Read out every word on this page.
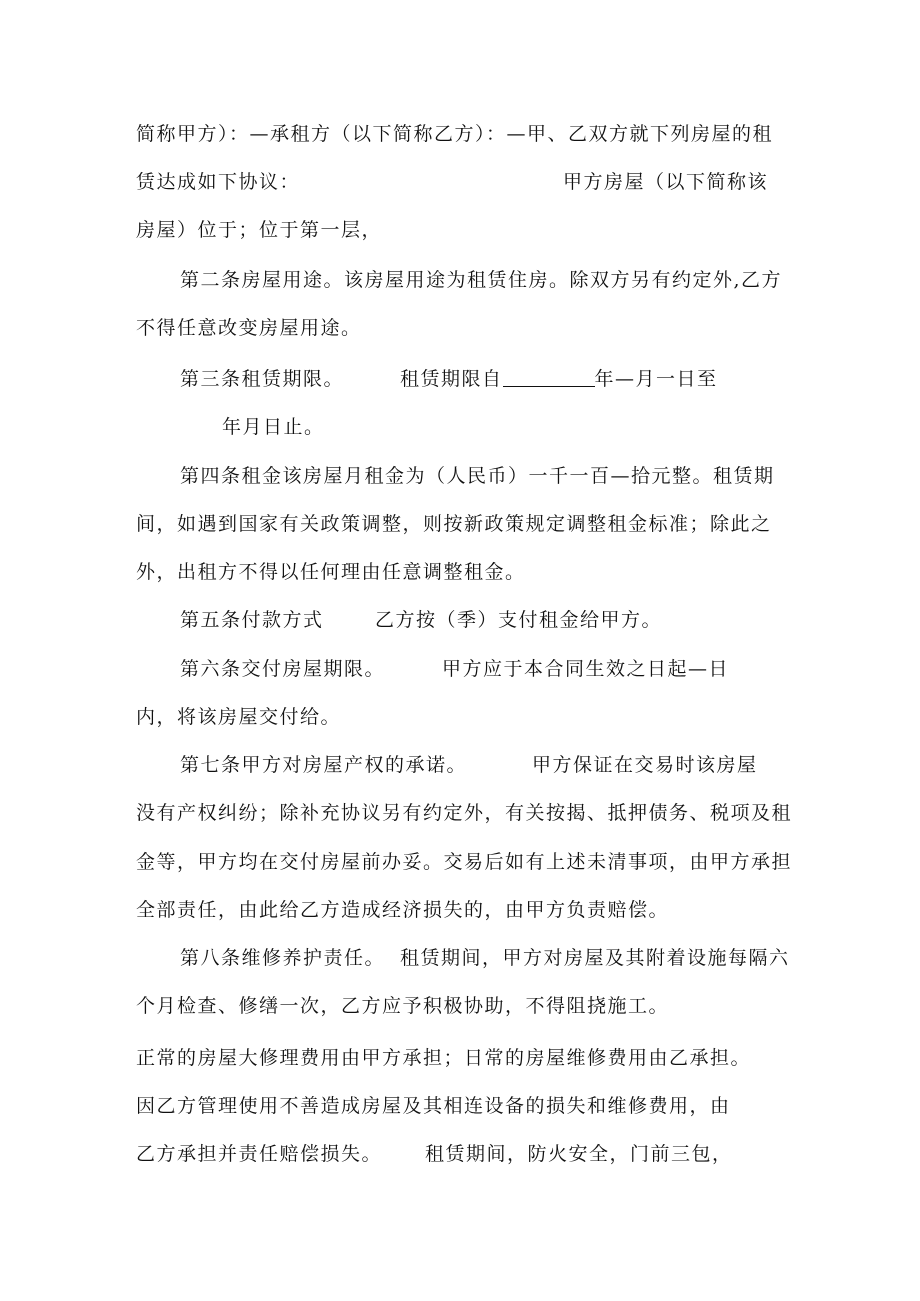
简称甲方）：—承租方（以下简称乙方）：—甲、乙双方就下列房屋的租
赁达成如下协议：	甲方房屋（以下简称该
房屋）位于；位于第一层，
第二条房屋用途。该房屋用途为租赁住房。除双方另有约定外,乙方
不得任意改变房屋用途。
第三条租赁期限。	租赁期限自	年—月一日至
年月日止。
第四条租金该房屋月租金为（人民币）一千一百—拾元整。租赁期
间，如遇到国家有关政策调整，则按新政策规定调整租金标准；除此之
外，出租方不得以任何理由任意调整租金。
第五条付款方式	乙方按（季）支付租金给甲方。
第六条交付房屋期限。	甲方应于本合同生效之日起—日
内，将该房屋交付给。
第七条甲方对房屋产权的承诺。	甲方保证在交易时该房屋
没有产权纠纷；除补充协议另有约定外，有关按揭、抵押债务、税项及租
金等，甲方均在交付房屋前办妥。交易后如有上述未清事项，由甲方承担
全部责任，由此给乙方造成经济损失的，由甲方负责赔偿。
第八条维修养护责任。 租赁期间，甲方对房屋及其附着设施每隔六
个月检查、修缮一次，乙方应予积极协助，不得阻挠施工。
正常的房屋大修理费用由甲方承担；日常的房屋维修费用由乙承担。
因乙方管理使用不善造成房屋及其相连设备的损失和维修费用，由
乙方承担并责任赔偿损失。 租赁期间，防火安全，门前三包，
